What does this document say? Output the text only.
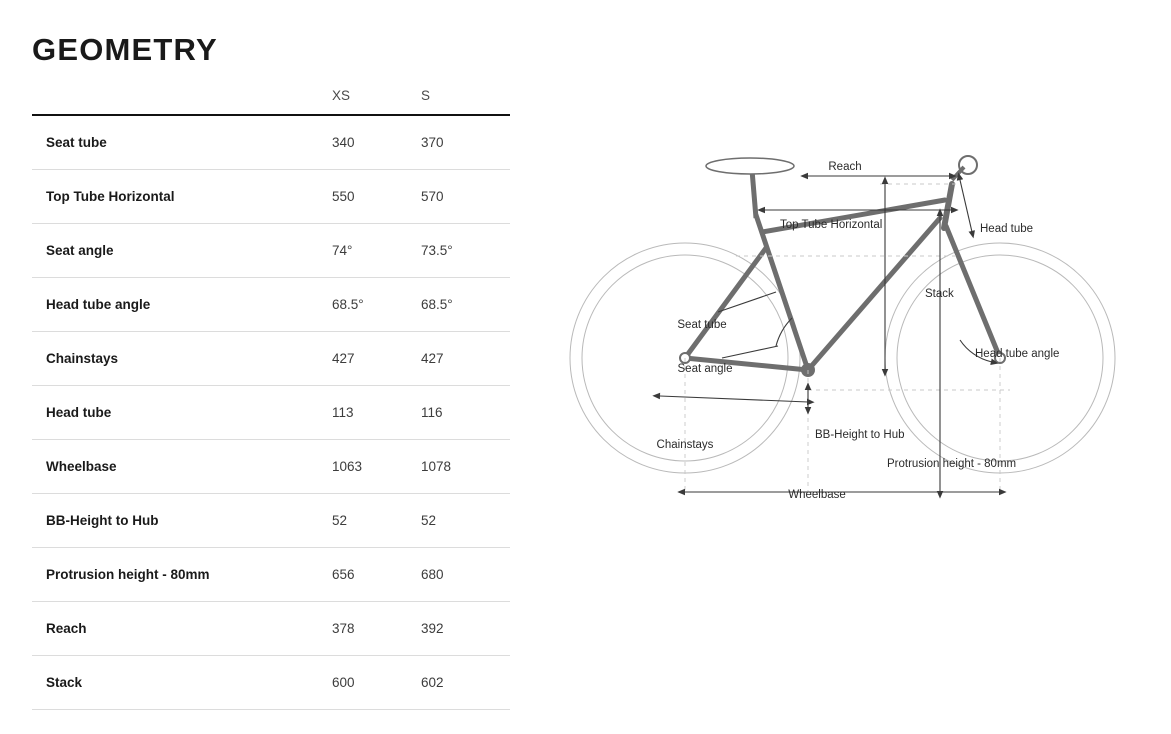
GEOMETRY
	XS	S
Seat tube	340	370
Top Tube Horizontal	550	570
Seat angle	74°	73.5°
Head tube angle	68.5°	68.5°
Chainstays	427	427
Head tube	113	116
Wheelbase	1063	1078
BB-Height to Hub	52	52
Protrusion height - 80mm	656	680
Reach	378	392
Stack	600	602
Reach
Top Tube Horizontal	Head tube
Stack
Seat tube
Seat angle
Head tube angle
BB-Height to Hub
Chainstays
Protrusion height - 80mm
Wheelbase
